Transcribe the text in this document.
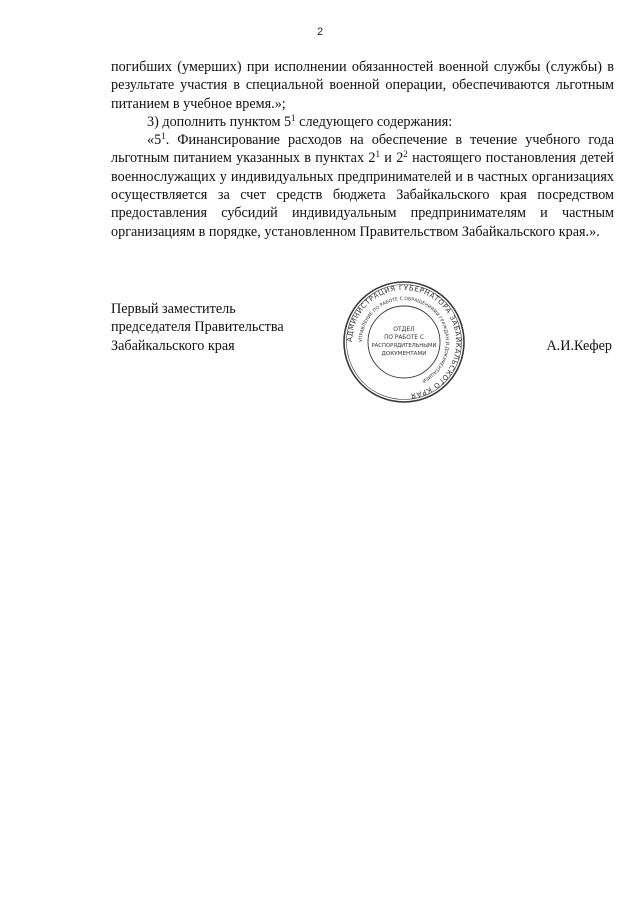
2

погибших (умерших) при исполнении обязанностей военной службы (службы) в результате участия в специальной военной операции, обеспечиваются льготным питанием в учебное время.»;

3) дополнить пунктом $5^1$ следующего содержания:

«$5^1$. Финансирование расходов на обеспечение в течение учебного года льготным питанием указанных в пунктах $2^1$ и $2^2$ настоящего постановления детей военнослужащих у индивидуальных предпринимателей и в частных организациях осуществляется за счет средств бюджета Забайкальского края посредством предоставления субсидий индивидуальным предпринимателям и частным организациям в порядке, установленном Правительством Забайкальского края.».

Первый заместитель
председателя Правительства
Забайкальского края	АДМИНИСТРАЦИЯ ГУБЕРНАТОРА ЗАБАЙКАЛЬСКОГО КРАЯ
УПРАВЛЕНИЕ ПО РАБОТЕ С ОБРАЩЕНИЯМИ ГРАЖДАН И ДОКУМЕНТАЦИЕЙ
ОТДЕЛ
ПО РАБОТЕ С
РАСПОРЯДИТЕЛЬНЫМИ
ДОКУМЕНТАМИ	А.И.Кефер
